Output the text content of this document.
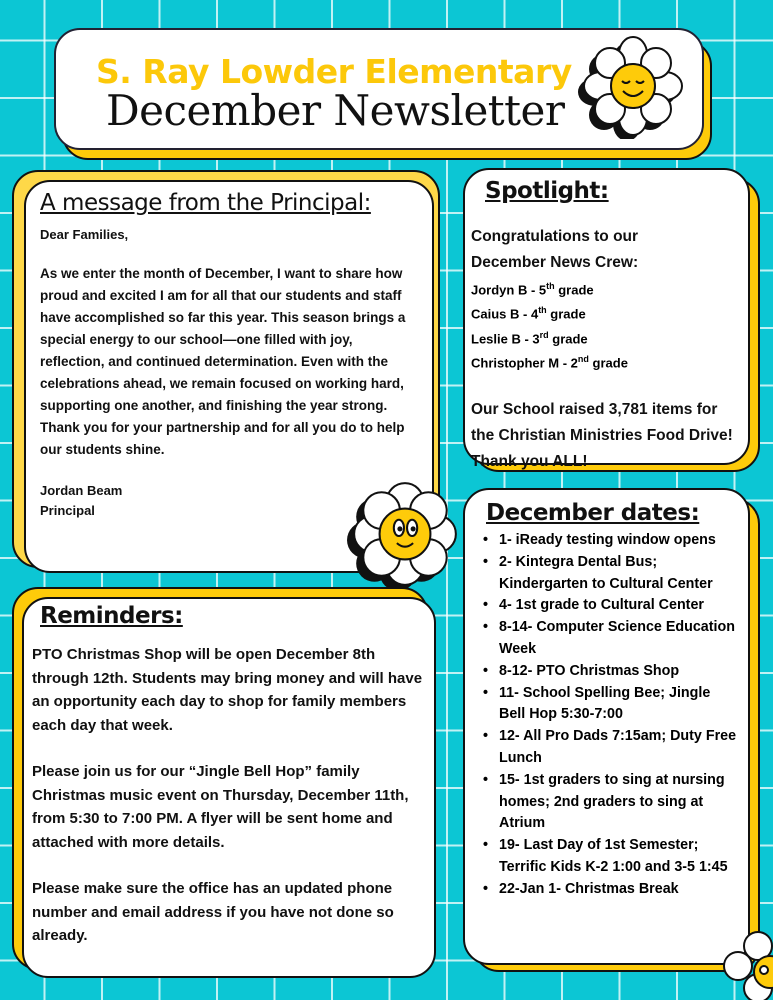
S. Ray Lowder Elementary
December Newsletter
A message from the Principal:
Dear Families,
As we enter the month of December, I want to share how proud and excited I am for all that our students and staff have accomplished so far this year. This season brings a special energy to our school—one filled with joy, reflection, and continued determination. Even with the celebrations ahead, we remain focused on working hard, supporting one another, and finishing the year strong. Thank you for your partnership and for all you do to help our students shine.
Jordan Beam
Principal
Spotlight:
Congratulations to our December News Crew:
Jordyn B - 5th grade
Caius B - 4th grade
Leslie B - 3rd grade
Christopher M - 2nd grade
Our School raised 3,781 items for the Christian Ministries Food Drive! Thank you ALL!
Reminders:

PTO Christmas Shop will be open December 8th through 12th. Students may bring money and will have an opportunity each day to shop for family members each day that week.

Please join us for our “Jingle Bell Hop” family Christmas music event on Thursday, December 11th, from 5:30 to 7:00 PM. A flyer will be sent home and attached with more details.

Please make sure the office has an updated phone number and email address if you have not done so already.

December dates:
• 1- iReady testing window opens
• 2- Kintegra Dental Bus; Kindergarten to Cultural Center
• 4- 1st grade to Cultural Center
• 8-14- Computer Science Education Week
• 8-12- PTO Christmas Shop
• 11- School Spelling Bee; Jingle Bell Hop 5:30-7:00
• 12- All Pro Dads 7:15am; Duty Free Lunch
• 15- 1st graders to sing at nursing homes; 2nd graders to sing at Atrium
• 19- Last Day of 1st Semester; Terrific Kids K-2 1:00 and 3-5 1:45
• 22-Jan 1- Christmas Break
